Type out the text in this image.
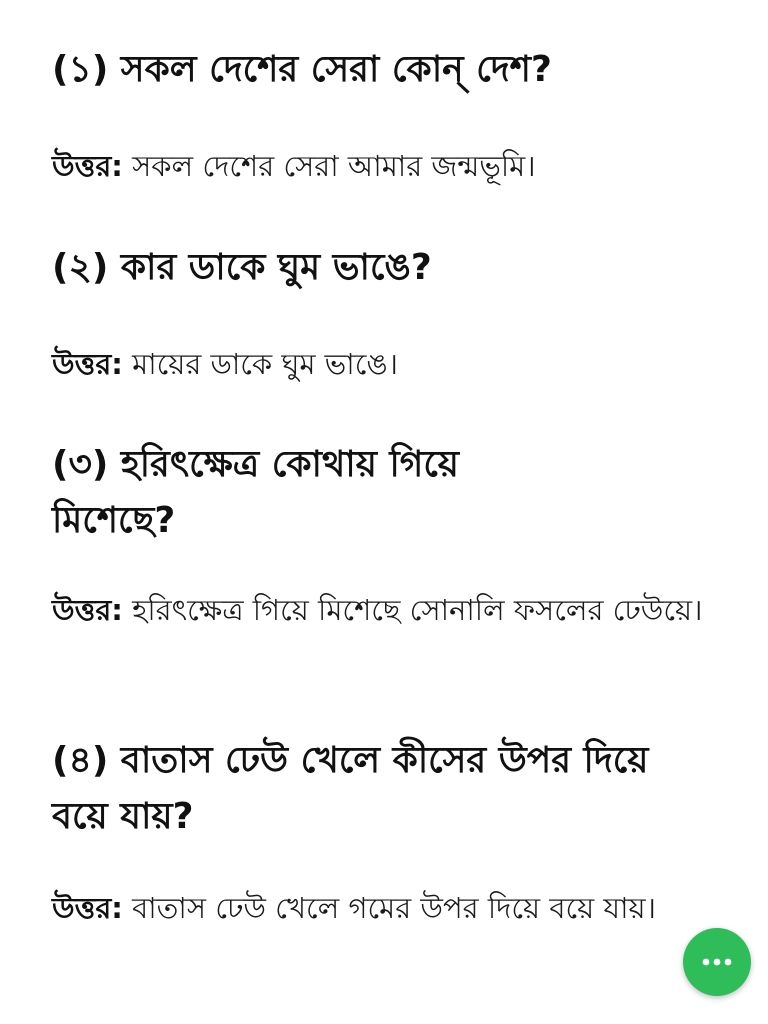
(১) সকল দেশের সেরা কোন্ দেশ?

উত্তর: সকল দেশের সেরা আমার জন্মভূমি।

(২) কার ডাকে ঘুম ভাঙে?

উত্তর: মায়ের ডাকে ঘুম ভাঙে।

(৩) হরিৎক্ষেত্র কোথায় গিয়ে মিশেছে?

উত্তর: হরিৎক্ষেত্র গিয়ে মিশেছে সোনালি ফসলের ঢেউয়ে।

(৪) বাতাস ঢেউ খেলে কীসের উপর দিয়ে বয়ে যায়?

উত্তর: বাতাস ঢেউ খেলে গমের উপর দিয়ে বয়ে যায়।
